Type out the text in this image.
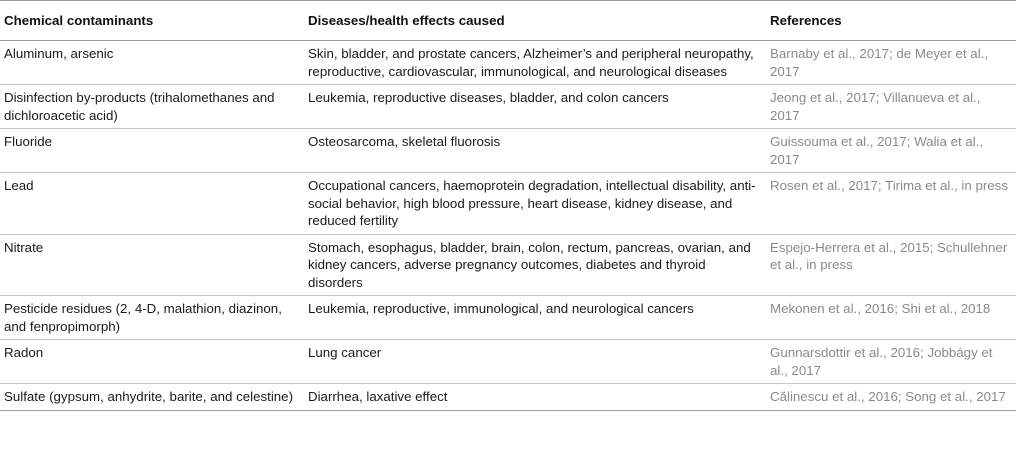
Chemical contaminants	Diseases/health effects caused	References
Aluminum, arsenic	Skin, bladder, and prostate cancers, Alzheimer’s and peripheral neuropathy, reproductive, cardiovascular, immunological, and neurological diseases	Barnaby et al., 2017; de Meyer et al., 2017
Disinfection by-products (trihalomethanes and dichloroacetic acid)	Leukemia, reproductive diseases, bladder, and colon cancers	Jeong et al., 2017; Villanueva et al., 2017
Fluoride	Osteosarcoma, skeletal fluorosis	Guissouma et al., 2017; Walia et al., 2017
Lead	Occupational cancers, haemoprotein degradation, intellectual disability, anti-social behavior, high blood pressure, heart disease, kidney disease, and reduced fertility	Rosen et al., 2017; Tirima et al., in press
Nitrate	Stomach, esophagus, bladder, brain, colon, rectum, pancreas, ovarian, and kidney cancers, adverse pregnancy outcomes, diabetes and thyroid disorders	Espejo-Herrera et al., 2015; Schullehner et al., in press
Pesticide residues (2, 4-D, malathion, diazinon, and fenpropimorph)	Leukemia, reproductive, immunological, and neurological cancers	Mekonen et al., 2016; Shi et al., 2018
Radon	Lung cancer	Gunnarsdottir et al., 2016; Jobbágy et al., 2017
Sulfate (gypsum, anhydrite, barite, and celestine)	Diarrhea, laxative effect	Călinescu et al., 2016; Song et al., 2017
